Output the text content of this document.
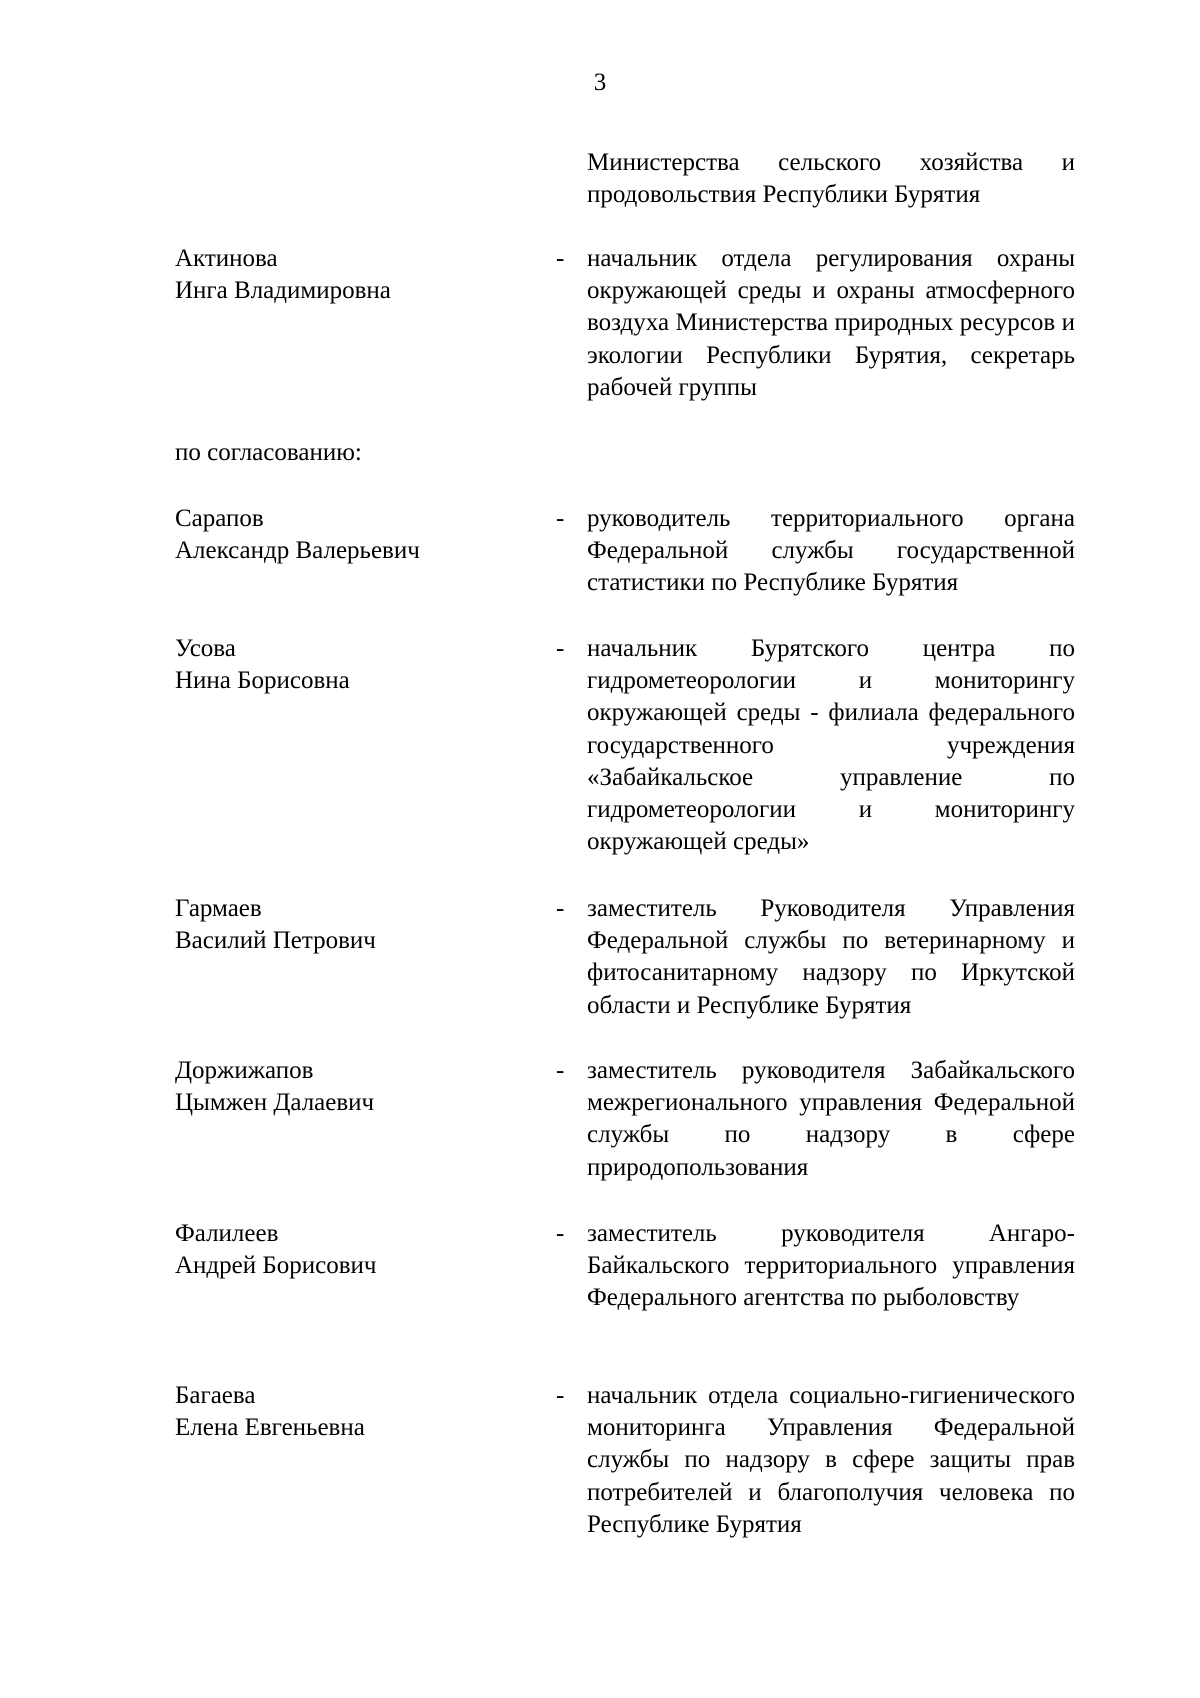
3
Министерства сельского хозяйства и продовольствия Республики Бурятия
Актинова
Инга Владимировна
- начальник отдела регулирования охраны окружающей среды и охраны атмосферного воздуха Министерства природных ресурсов и экологии Республики Бурятия, секретарь рабочей группы
по согласованию:
Сарапов
Александр Валерьевич
- руководитель территориального органа Федеральной службы государственной статистики по Республике Бурятия
Усова
Нина Борисовна
- начальник Бурятского центра по гидрометеорологии и мониторингу окружающей среды - филиала федерального государственного учреждения «Забайкальское управление по гидрометеорологии и мониторингу окружающей среды»
Гармаев
Василий Петрович
- заместитель Руководителя Управления Федеральной службы по ветеринарному и фитосанитарному надзору по Иркутской области и Республике Бурятия
Доржижапов
Цымжен Далаевич
- заместитель руководителя Забайкальского межрегионального управления Федеральной службы по надзору в сфере природопользования
Фалилеев
Андрей Борисович
- заместитель руководителя Ангаро-Байкальского территориального управления Федерального агентства по рыболовству
Багаева
Елена Евгеньевна
- начальник отдела социально-гигиенического мониторинга Управления Федеральной службы по надзору в сфере защиты прав потребителей и благополучия человека по Республике Бурятия
